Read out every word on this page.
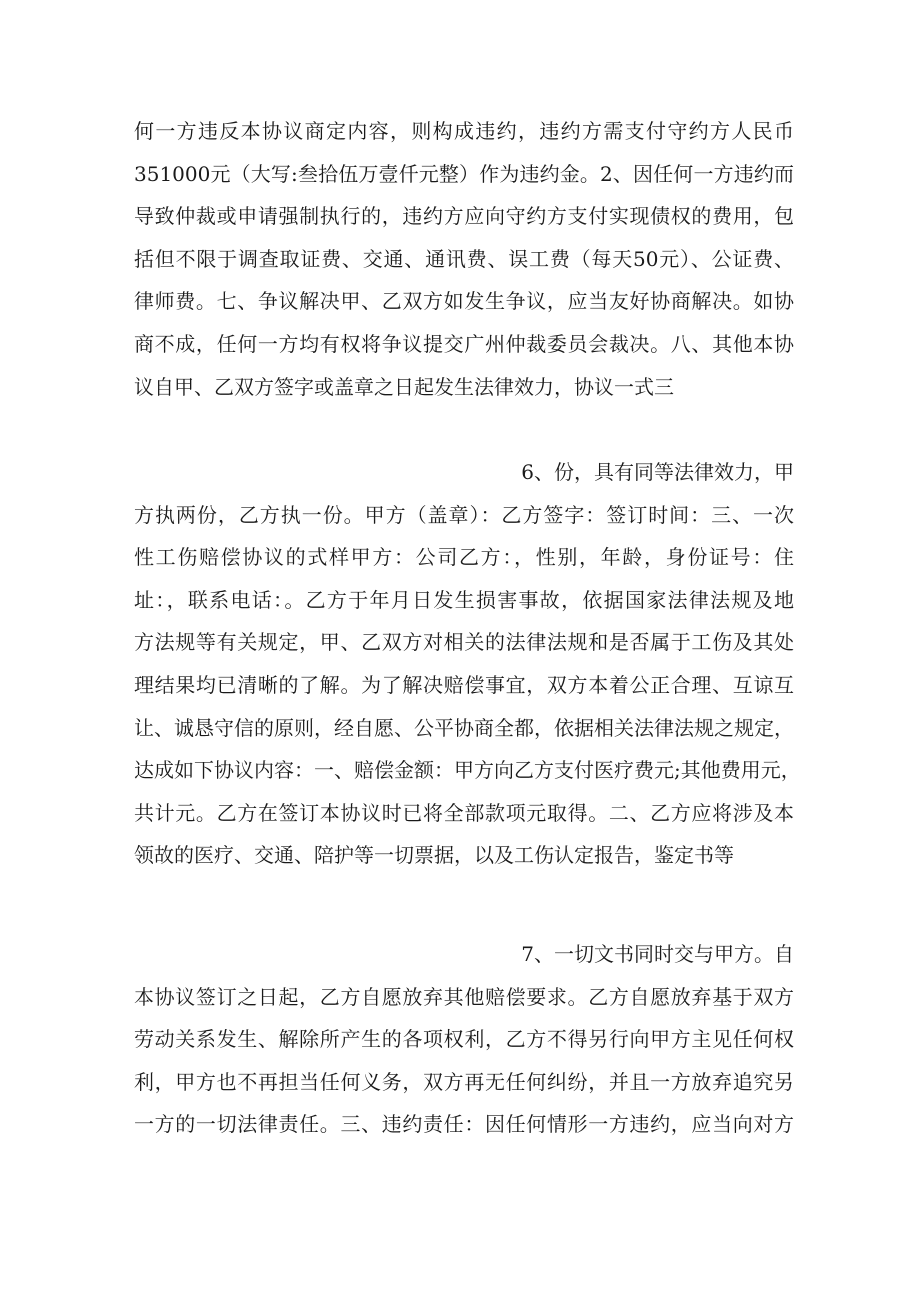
何一方违反本协议商定内容，则构成违约，违约方需支付守约方人民币
351000元（大写:叁拾伍万壹仟元整）作为违约金。2、因任何一方违约而
导致仲裁或申请强制执行的，违约方应向守约方支付实现债权的费用，包
括但不限于调查取证费、交通、通讯费、误工费（每天50元）、公证费、
律师费。七、争议解决甲、乙双方如发生争议，应当友好协商解决。如协
商不成，任何一方均有权将争议提交广州仲裁委员会裁决。八、其他本协
议自甲、乙双方签字或盖章之日起发生法律效力，协议一式三
6、份，具有同等法律效力，甲
方执两份，乙方执一份。甲方（盖章）：乙方签字：签订时间：三、一次
性工伤赔偿协议的式样甲方：公司乙方：，性别，年龄，身份证号：住
址：，联系电话：。乙方于年月日发生损害事故，依据国家法律法规及地
方法规等有关规定，甲、乙双方对相关的法律法规和是否属于工伤及其处
理结果均已清晰的了解。为了解决赔偿事宜，双方本着公正合理、互谅互
让、诚恳守信的原则，经自愿、公平协商全都，依据相关法律法规之规定，
达成如下协议内容：一、赔偿金额：甲方向乙方支付医疗费元;其他费用元，
共计元。乙方在签订本协议时已将全部款项元取得。二、乙方应将涉及本
领故的医疗、交通、陪护等一切票据，以及工伤认定报告，鉴定书等
7、一切文书同时交与甲方。自
本协议签订之日起，乙方自愿放弃其他赔偿要求。乙方自愿放弃基于双方
劳动关系发生、解除所产生的各项权利，乙方不得另行向甲方主见任何权
利，甲方也不再担当任何义务，双方再无任何纠纷，并且一方放弃追究另
一方的一切法律责任。三、违约责任：因任何情形一方违约，应当向对方
